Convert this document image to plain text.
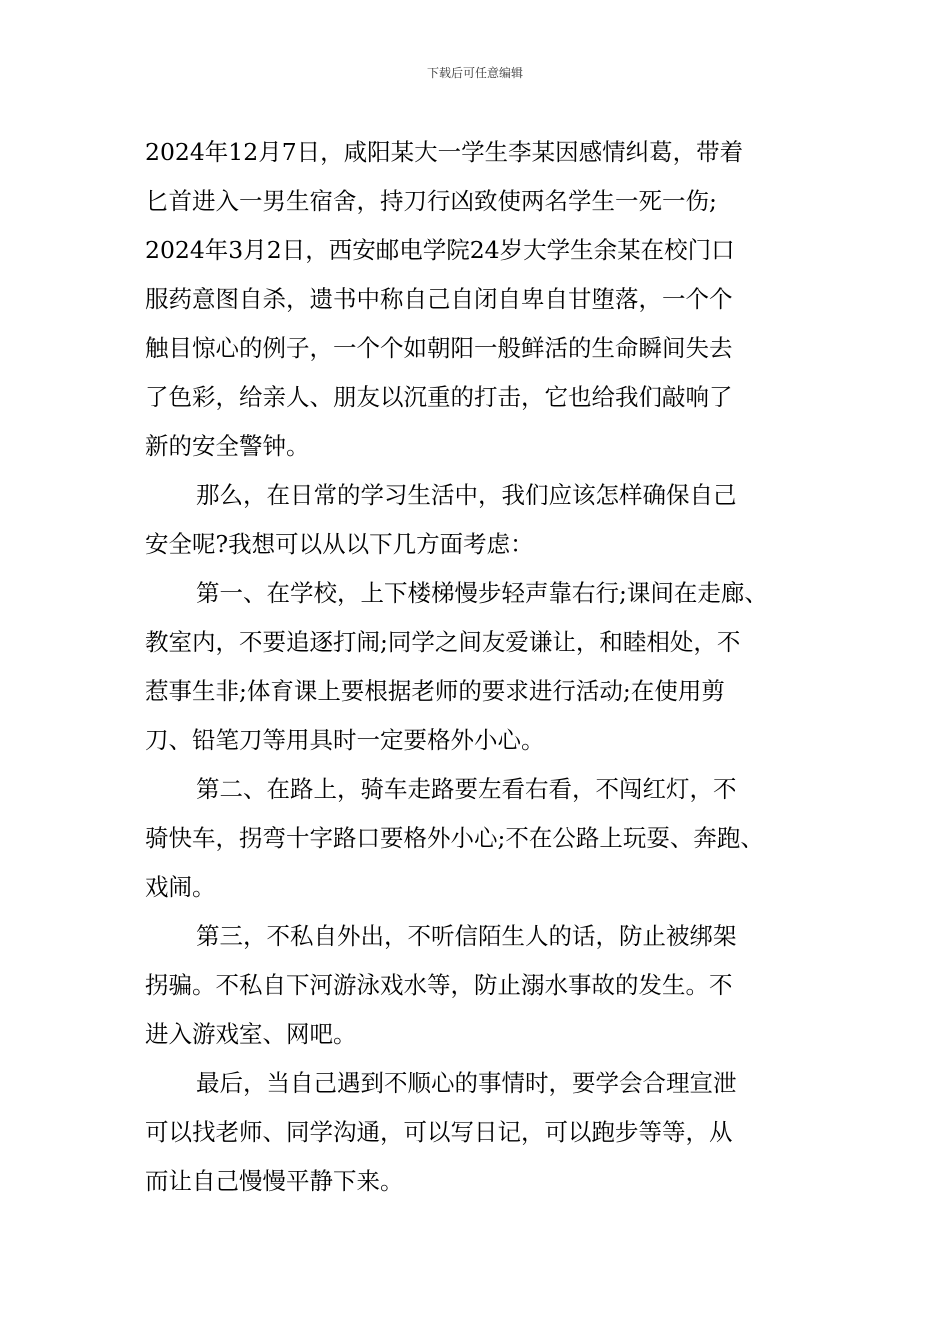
下载后可任意编辑
2024年12月7日，咸阳某大一学生李某因感情纠葛，带着
匕首进入一男生宿舍，持刀行凶致使两名学生一死一伤;
2024年3月2日，西安邮电学院24岁大学生余某在校门口
服药意图自杀，遗书中称自己自闭自卑自甘堕落，一个个
触目惊心的例子，一个个如朝阳一般鲜活的生命瞬间失去
了色彩，给亲人、朋友以沉重的打击，它也给我们敲响了
新的安全警钟。
那么，在日常的学习生活中，我们应该怎样确保自己
安全呢?我想可以从以下几方面考虑：
第一、在学校，上下楼梯慢步轻声靠右行;课间在走廊、
教室内，不要追逐打闹;同学之间友爱谦让，和睦相处，不
惹事生非;体育课上要根据老师的要求进行活动;在使用剪
刀、铅笔刀等用具时一定要格外小心。
第二、在路上，骑车走路要左看右看，不闯红灯，不
骑快车，拐弯十字路口要格外小心;不在公路上玩耍、奔跑、
戏闹。
第三，不私自外出，不听信陌生人的话，防止被绑架
拐骗。不私自下河游泳戏水等，防止溺水事故的发生。不
进入游戏室、网吧。
最后，当自己遇到不顺心的事情时，要学会合理宣泄
可以找老师、同学沟通，可以写日记，可以跑步等等，从
而让自己慢慢平静下来。
